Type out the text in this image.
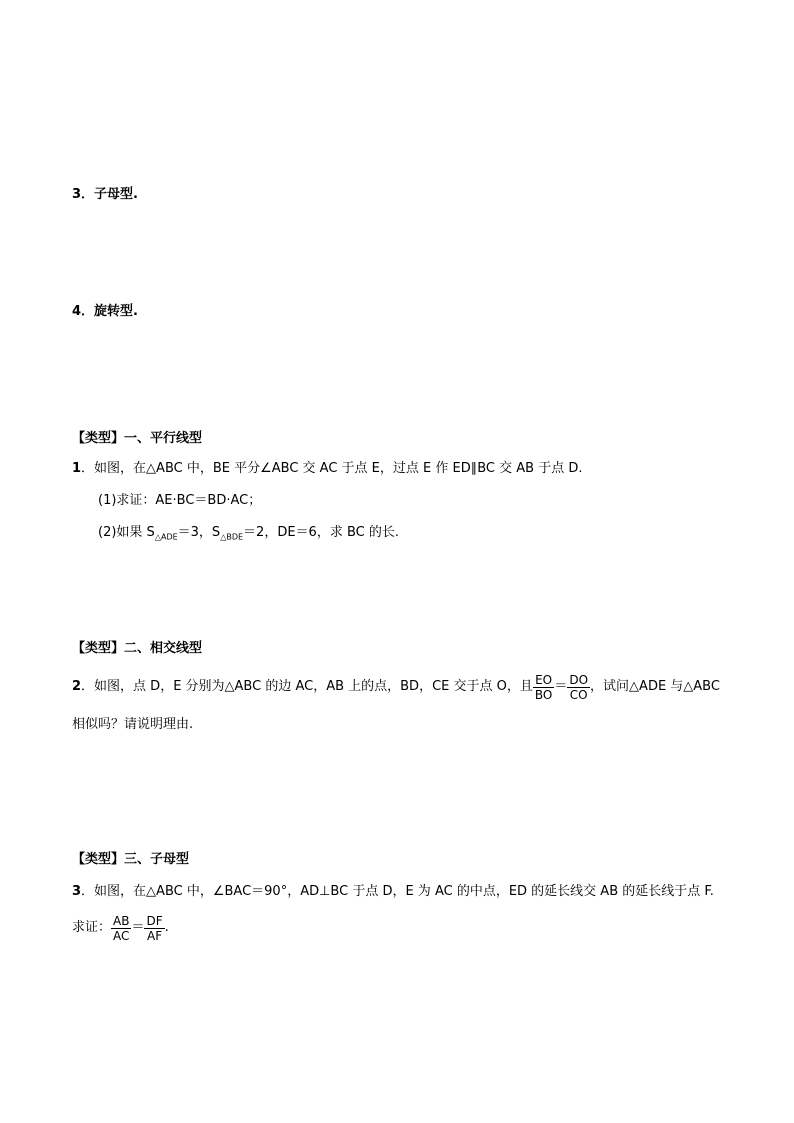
A
E
D
B	C
A	B
O
C	D
A
E
D
B C
3．子母型.
A
D
B	C
A
D
B	C
4．旋转型.
A
B′
C′
B	C
A
B′
C′
B	C
A
B′
C′
B	C
【类型】一、平行线型
1．如图，在△ABC 中，BE 平分∠ABC 交 AC 于点 E，过点 E 作 ED∥BC 交 AB 于点 D.
(1)求证：AE·BC＝BD·AC；
(2)如果 $S_{\triangle ADE}=3$，$S_{\triangle BDE}=2$，DE＝6，求 BC 的长.
A
D	E
B	C
【类型】二、相交线型
2 ．如图，点 D，E 分别为△ABC 的边 AC，AB 上的点，BD，CE 交于点 O，且 $\frac{EO}{BO} = \frac{DO}{CO}$ ，试问△ADE 与△ABC
相似吗？请说明理由.
A
E
D
O
B	C
【类型】三、子母型
3．如图，在△ABC 中，∠BAC＝90°，AD⊥BC 于点 D，E 为 AC 的中点，ED 的延长线交 AB 的延长线于点 F.
求证： $\frac{AB}{AC} = \frac{DF}{AF}$ .
